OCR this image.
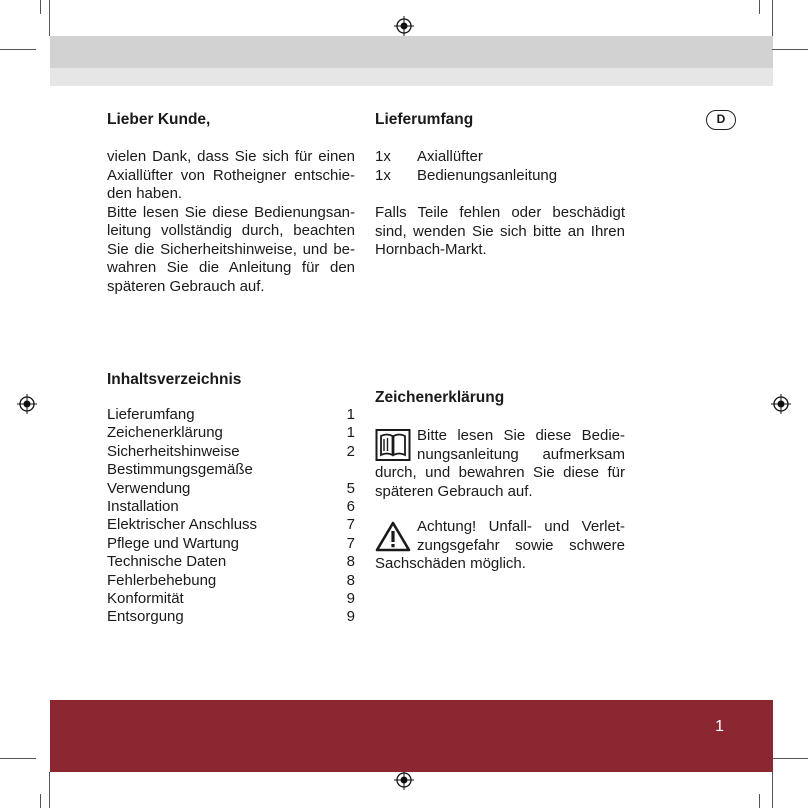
D
Lieber Kunde,
vielen Dank, dass Sie sich für einen
Axiallüfter von Rotheigner entschie-
den haben.
Bitte lesen Sie diese Bedienungsan-
leitung vollständig durch, beachten
Sie die Sicherheitshinweise, und be-
wahren Sie die Anleitung für den
späteren Gebrauch auf.
Lieferumfang
1x	Axiallüfter
1x	Bedienungsanleitung
Falls Teile fehlen oder beschädigt
sind, wenden Sie sich bitte an Ihren
Hornbach-Markt.
Inhaltsverzeichnis
Lieferumfang	1
Zeichenerklärung	1
Sicherheitshinweise	2
Bestimmungsgemäße
Verwendung	5
Installation	6
Elektrischer Anschluss	7
Pflege und Wartung	7
Technische Daten	8
Fehlerbehebung	8
Konformität	9
Entsorgung	9
Zeichenerklärung
Bitte lesen Sie diese Bedie-
nungsanleitung aufmerksam
durch, und bewahren Sie diese für
späteren Gebrauch auf.
Achtung! Unfall- und Verlet-
zungsgefahr sowie schwere
Sachschäden möglich.
1
